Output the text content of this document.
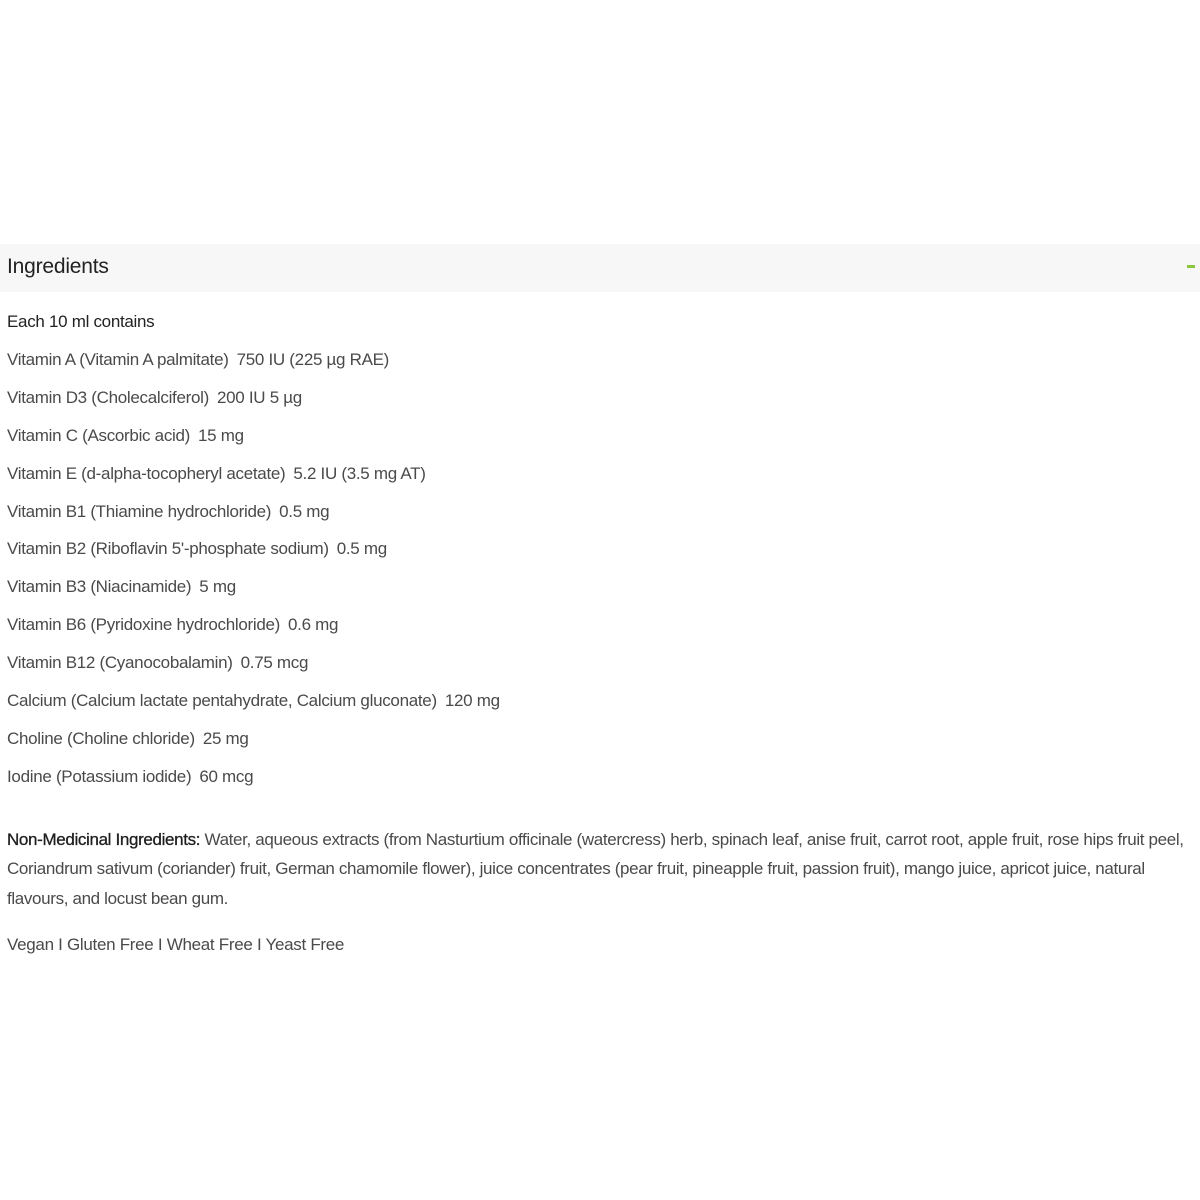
Ingredients
Each 10 ml contains
Vitamin A (Vitamin A palmitate) 750 IU (225 µg RAE)
Vitamin D3 (Cholecalciferol) 200 IU 5 µg
Vitamin C (Ascorbic acid) 15 mg
Vitamin E (d-alpha-tocopheryl acetate) 5.2 IU (3.5 mg AT)
Vitamin B1 (Thiamine hydrochloride) 0.5 mg
Vitamin B2 (Riboflavin 5'-phosphate sodium) 0.5 mg
Vitamin B3 (Niacinamide) 5 mg
Vitamin B6 (Pyridoxine hydrochloride) 0.6 mg
Vitamin B12 (Cyanocobalamin) 0.75 mcg
Calcium (Calcium lactate pentahydrate, Calcium gluconate) 120 mg
Choline (Choline chloride) 25 mg
Iodine (Potassium iodide) 60 mcg

Non-Medicinal Ingredients: Water, aqueous extracts (from Nasturtium officinale (watercress) herb, spinach leaf, anise fruit, carrot root, apple fruit, rose hips fruit peel, Coriandrum sativum (coriander) fruit, German chamomile flower), juice concentrates (pear fruit, pineapple fruit, passion fruit), mango juice, apricot juice, natural flavours, and locust bean gum.

Vegan I Gluten Free I Wheat Free I Yeast Free
